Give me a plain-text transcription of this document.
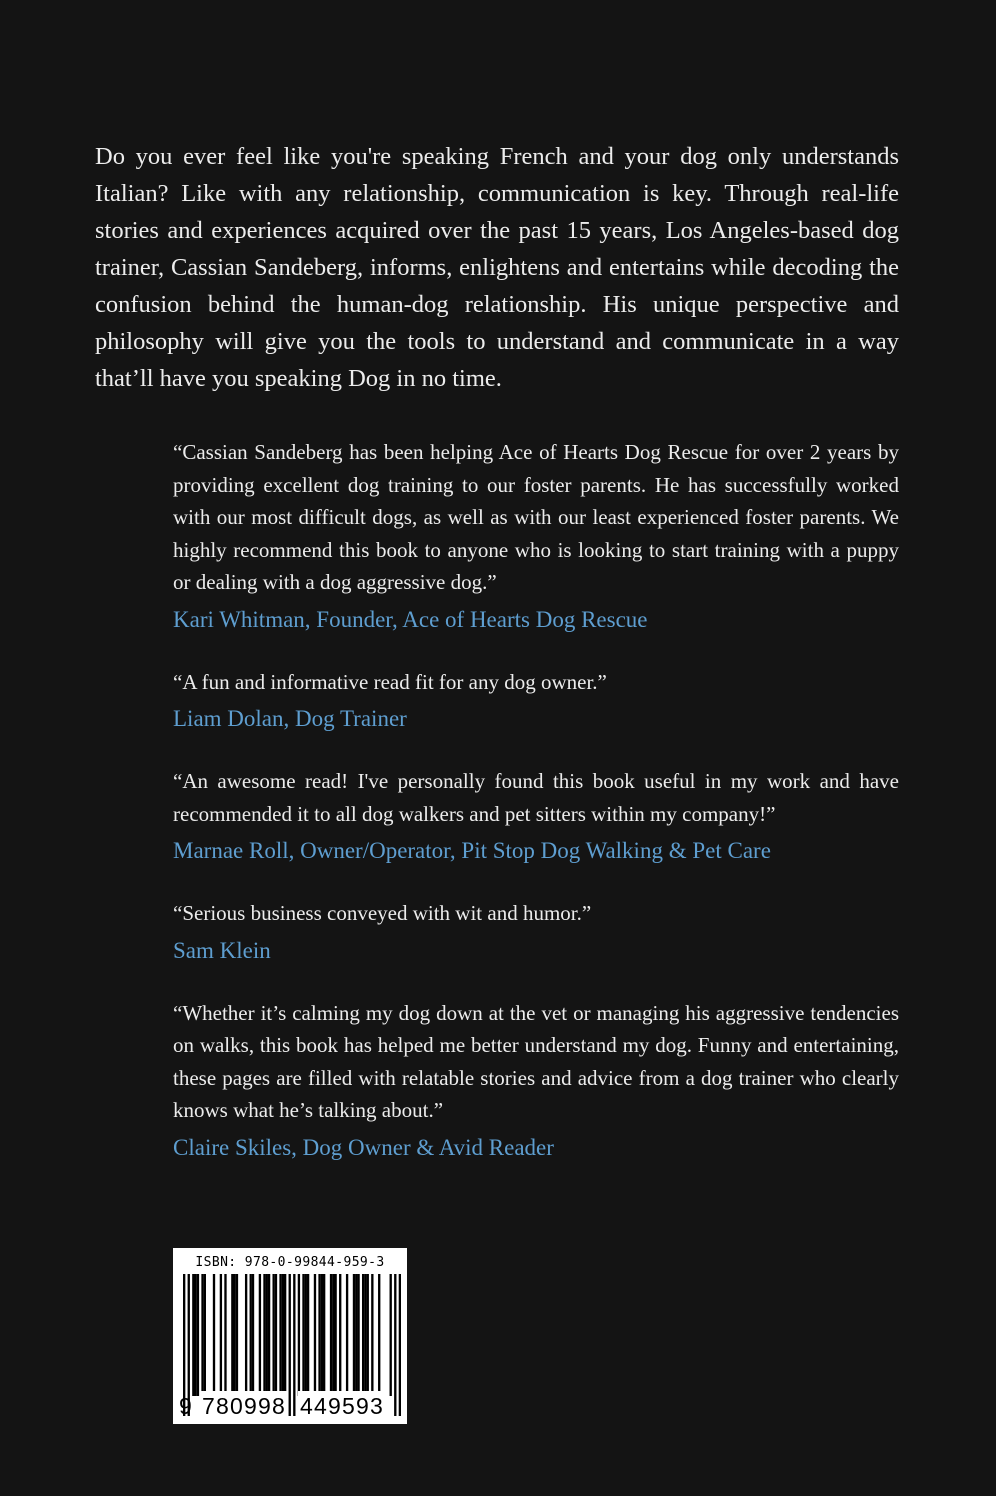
Do you ever feel like you're speaking French and your dog only understands Italian? Like with any relationship, communication is key. Through real-life stories and experiences acquired over the past 15 years, Los Angeles-based dog trainer, Cassian Sandeberg, informs, enlightens and entertains while decoding the confusion behind the human-dog relationship. His unique perspective and philosophy will give you the tools to understand and communicate in a way that’ll have you speaking Dog in no time.

“Cassian Sandeberg has been helping Ace of Hearts Dog Rescue for over 2 years by providing excellent dog training to our foster parents. He has successfully worked with our most difficult dogs, as well as with our least experienced foster parents. We highly recommend this book to anyone who is looking to start training with a puppy or dealing with a dog aggressive dog.”

Kari Whitman, Founder, Ace of Hearts Dog Rescue

“A fun and informative read fit for any dog owner.”

Liam Dolan, Dog Trainer

“An awesome read! I've personally found this book useful in my work and have recommended it to all dog walkers and pet sitters within my company!”

Marnae Roll, Owner/Operator, Pit Stop Dog Walking & Pet Care

“Serious business conveyed with wit and humor.”

Sam Klein

“Whether it’s calming my dog down at the vet or managing his aggressive tendencies on walks, this book has helped me better understand my dog. Funny and entertaining, these pages are filled with relatable stories and advice from a dog trainer who clearly knows what he’s talking about.”

Claire Skiles, Dog Owner & Avid Reader

ISBN: 978-0-99844-959-3
9 780998 449593
